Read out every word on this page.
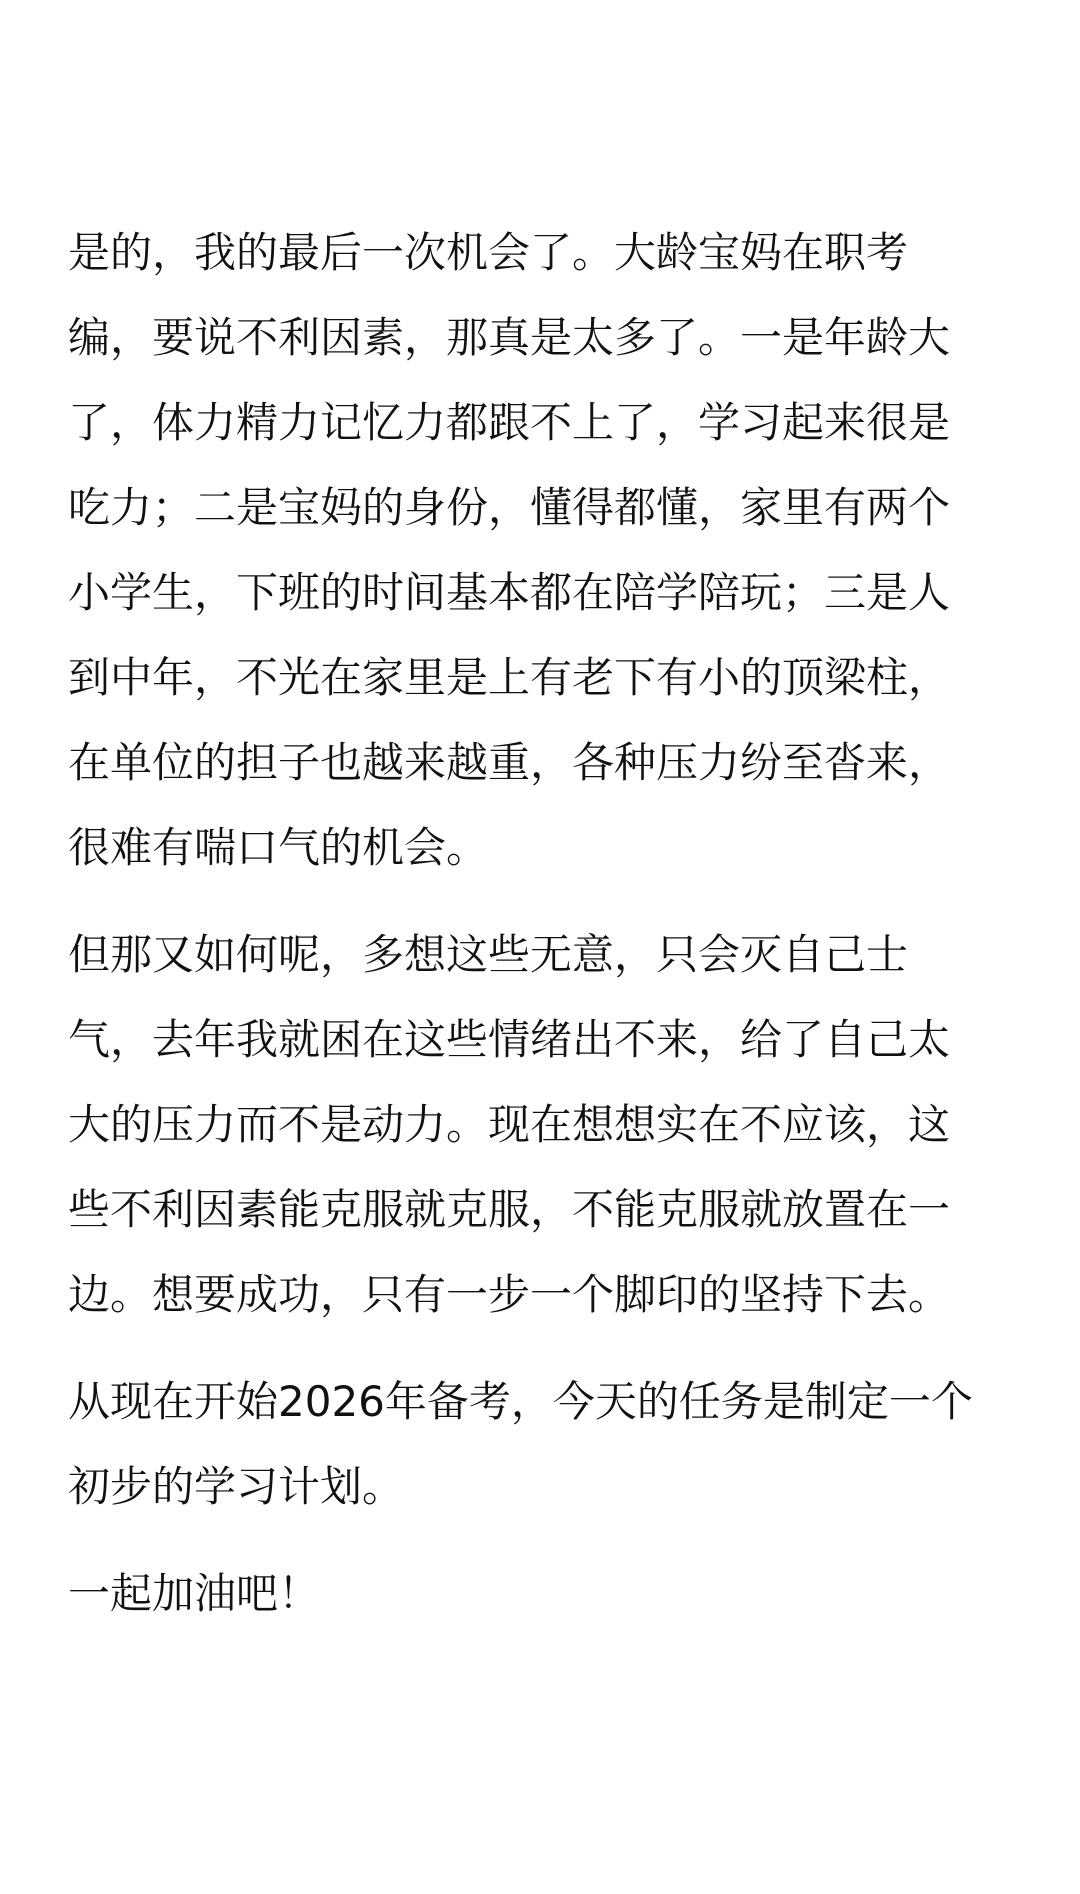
是的，我的最后一次机会了。大龄宝妈在职考
编，要说不利因素，那真是太多了。一是年龄大
了，体力精力记忆力都跟不上了，学习起来很是
吃力；二是宝妈的身份，懂得都懂，家里有两个
小学生，下班的时间基本都在陪学陪玩；三是人
到中年，不光在家里是上有老下有小的顶梁柱，
在单位的担子也越来越重，各种压力纷至沓来，
很难有喘口气的机会。

但那又如何呢，多想这些无意，只会灭自己士
气，去年我就困在这些情绪出不来，给了自己太
大的压力而不是动力。现在想想实在不应该，这
些不利因素能克服就克服，不能克服就放置在一
边。想要成功，只有一步一个脚印的坚持下去。

从现在开始2026年备考，今天的任务是制定一个
初步的学习计划。

一起加油吧！
